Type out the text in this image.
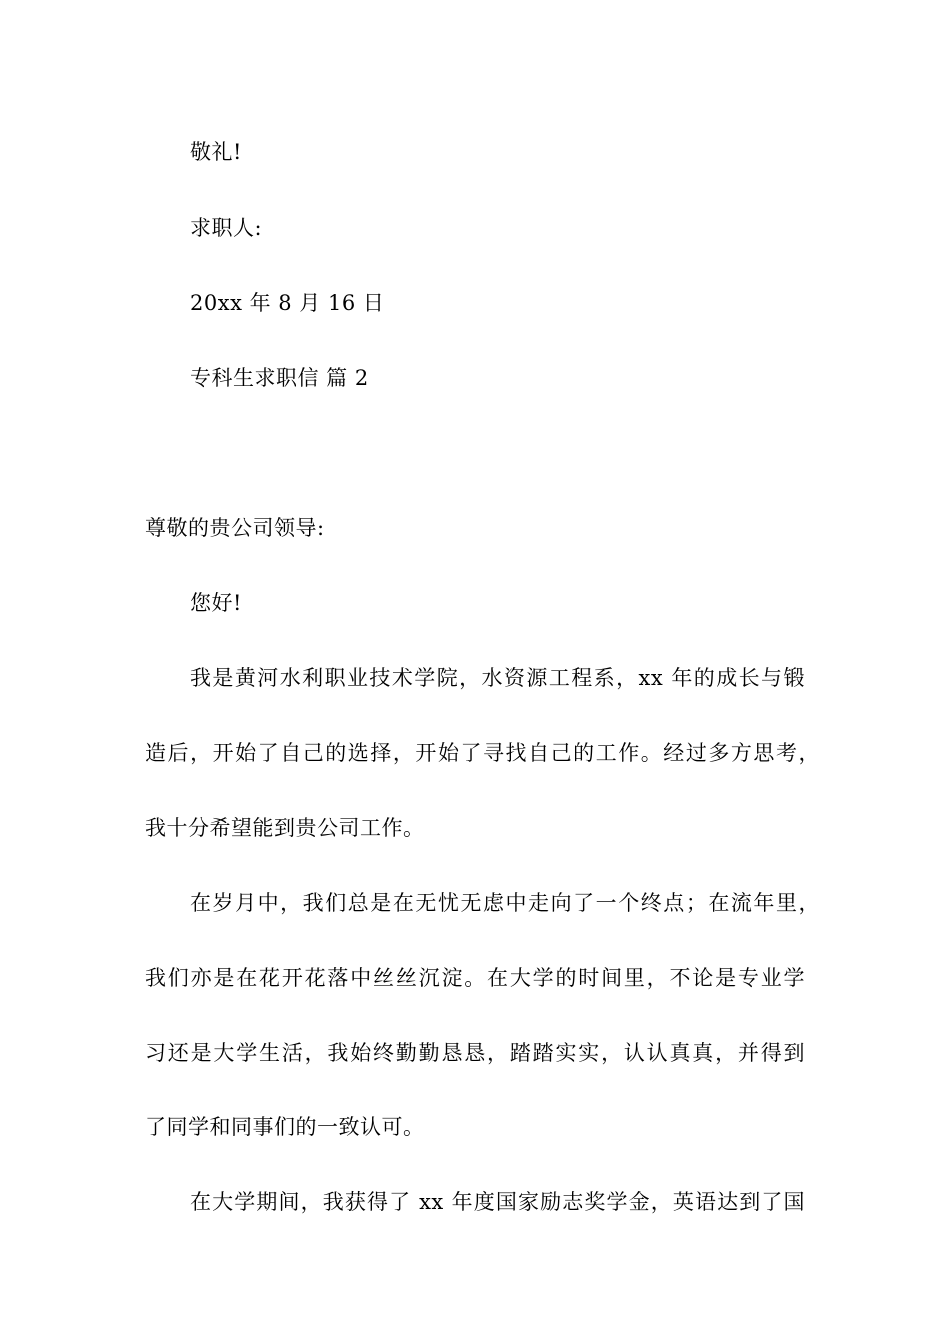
敬礼!
求职人:
20xx 年 8 月 16 日
专科生求职信 篇 2
尊敬的贵公司领导:
您好!
我是黄河水利职业技术学院，水资源工程系，xx 年的成长与锻
造后，开始了自己的选择，开始了寻找自己的工作。经过多方思考，
我十分希望能到贵公司工作。
在岁月中，我们总是在无忧无虑中走向了一个终点；在流年里，
我们亦是在花开花落中丝丝沉淀。在大学的时间里，不论是专业学
习还是大学生活，我始终勤勤恳恳，踏踏实实，认认真真，并得到
了同学和同事们的一致认可。
在大学期间，我获得了 xx 年度国家励志奖学金，英语达到了国
